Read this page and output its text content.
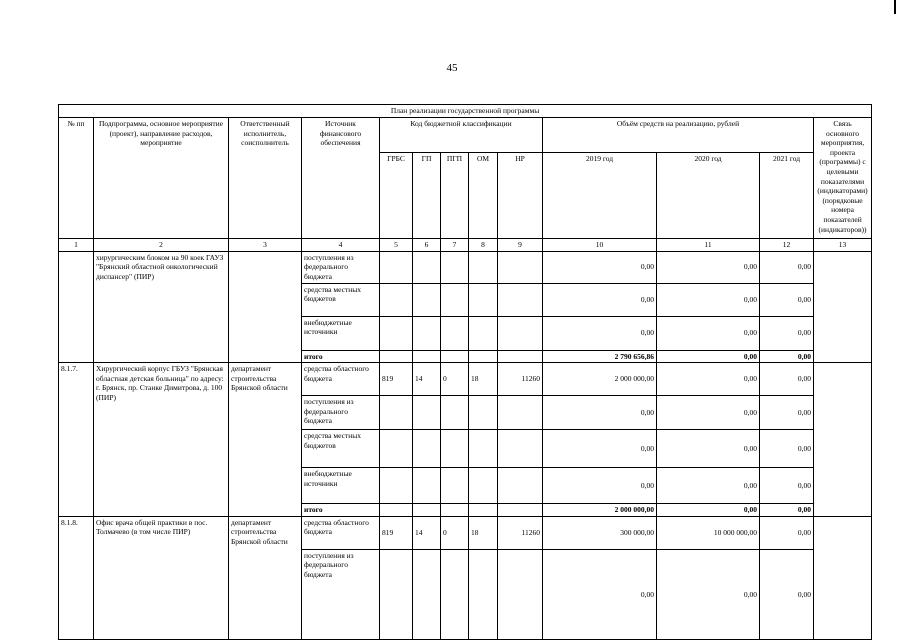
45
План реализации государственной программы												
№ пп	Подпрограмма, основное мероприятие (проект), направление расходов, мероприятие	Ответственный исполнитель, соисполнитель	Источник финансового обеспечения	Код бюджетной классификации					Объём средств на реализацию, рублей			Связь основного мероприятия, проекта (программы) с целевыми показателями (индикаторами) (порядковые номера показателей (индикаторов))
				ГРБС	ГП	ПГП	ОМ	НР	2019 год	2020 год	2021 год	
1	2	3	4	5	6	7	8	9	10	11	12	13
	хирургическим блоком на 90 коек ГАУЗ "Брянский областной онкологический диспансер" (ПИР)		поступления из федерального бюджета						0,00	0,00	0,00	
			средства местных бюджетов						0,00	0,00	0,00	
			внебюджетные источники						0,00	0,00	0,00	
			итого						2 790 656,86	0,00	0,00	
8.1.7.	Хирургический корпус ГБУЗ "Брянская областная детская больница" по адресу: г. Брянск, пр. Станке Димитрова, д. 100 (ПИР)	департамент строительства Брянской области	средства областного бюджета	819	14	0	18	11260	2 000 000,00	0,00	0,00	
			поступления из федерального бюджета						0,00	0,00	0,00	
			средства местных бюджетов						0,00	0,00	0,00	
			внебюджетные источники						0,00	0,00	0,00	
			итого						2 000 000,00	0,00	0,00	
8.1.8.	Офис врача общей практики в пос. Толмачево (в том числе ПИР)	департамент строительства Брянской области	средства областного бюджета	819	14	0	18	11260	300 000,00	10 000 000,00	0,00	
			поступления из федерального бюджета						0,00	0,00	0,00	
